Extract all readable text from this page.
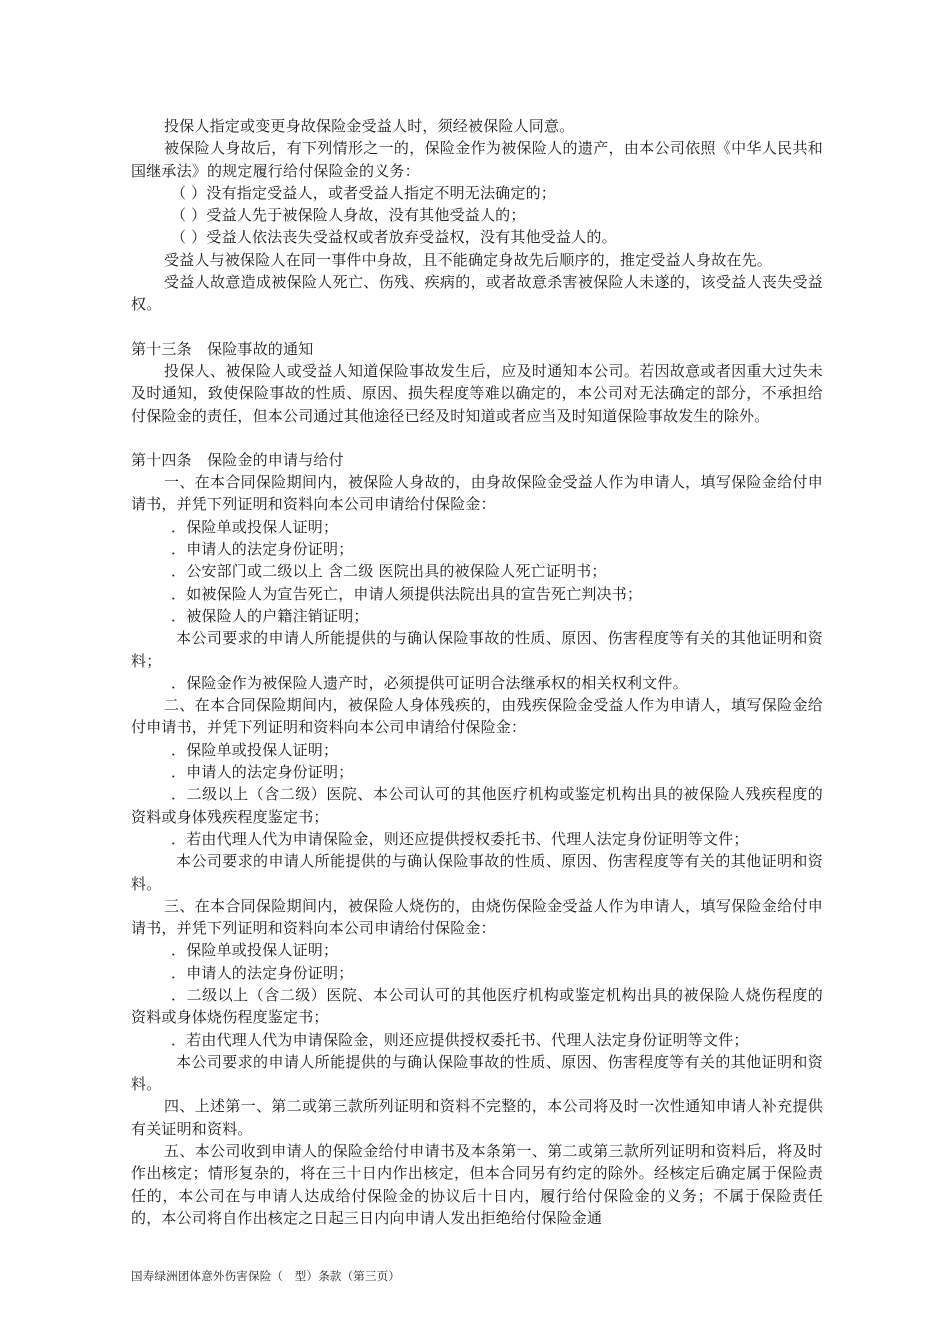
投保人指定或变更身故保险金受益人时，须经被保险人同意。

被保险人身故后，有下列情形之一的，保险金作为被保险人的遗产，由本公司依照《中华人民共和国继承法》的规定履行给付保险金的义务：

（ ）没有指定受益人，或者受益人指定不明无法确定的；

（ ）受益人先于被保险人身故，没有其他受益人的；

（ ）受益人依法丧失受益权或者放弃受益权，没有其他受益人的。

受益人与被保险人在同一事件中身故，且不能确定身故先后顺序的，推定受益人身故在先。

受益人故意造成被保险人死亡、伤残、疾病的，或者故意杀害被保险人未遂的，该受益人丧失受益权。

第十三条　保险事故的通知

投保人、被保险人或受益人知道保险事故发生后，应及时通知本公司。若因故意或者因重大过失未及时通知，致使保险事故的性质、原因、损失程度等难以确定的，本公司对无法确定的部分，不承担给付保险金的责任，但本公司通过其他途径已经及时知道或者应当及时知道保险事故发生的除外。

第十四条　保险金的申请与给付

一、在本合同保险期间内，被保险人身故的，由身故保险金受益人作为申请人，填写保险金给付申请书，并凭下列证明和资料向本公司申请给付保险金：

．保险单或投保人证明；

．申请人的法定身份证明；

．公安部门或二级以上 含二级 医院出具的被保险人死亡证明书；

．如被保险人为宣告死亡，申请人须提供法院出具的宣告死亡判决书；

．被保险人的户籍注销证明；

本公司要求的申请人所能提供的与确认保险事故的性质、原因、伤害程度等有关的其他证明和资料；

．保险金作为被保险人遗产时，必须提供可证明合法继承权的相关权利文件。

二、在本合同保险期间内，被保险人身体残疾的，由残疾保险金受益人作为申请人，填写保险金给付申请书，并凭下列证明和资料向本公司申请给付保险金：

．保险单或投保人证明；

．申请人的法定身份证明；

．二级以上（含二级）医院、本公司认可的其他医疗机构或鉴定机构出具的被保险人残疾程度的资料或身体残疾程度鉴定书；

．若由代理人代为申请保险金，则还应提供授权委托书、代理人法定身份证明等文件；

本公司要求的申请人所能提供的与确认保险事故的性质、原因、伤害程度等有关的其他证明和资料。

三、在本合同保险期间内，被保险人烧伤的，由烧伤保险金受益人作为申请人，填写保险金给付申请书，并凭下列证明和资料向本公司申请给付保险金：

．保险单或投保人证明；

．申请人的法定身份证明；

．二级以上（含二级）医院、本公司认可的其他医疗机构或鉴定机构出具的被保险人烧伤程度的资料或身体烧伤程度鉴定书；

．若由代理人代为申请保险金，则还应提供授权委托书、代理人法定身份证明等文件；

本公司要求的申请人所能提供的与确认保险事故的性质、原因、伤害程度等有关的其他证明和资料。

四、上述第一、第二或第三款所列证明和资料不完整的，本公司将及时一次性通知申请人补充提供有关证明和资料。

五、本公司收到申请人的保险金给付申请书及本条第一、第二或第三款所列证明和资料后，将及时作出核定；情形复杂的，将在三十日内作出核定，但本合同另有约定的除外。经核定后确定属于保险责任的，本公司在与申请人达成给付保险金的协议后十日内，履行给付保险金的义务；不属于保险责任的，本公司将自作出核定之日起三日内向申请人发出拒绝给付保险金通

国寿绿洲团体意外伤害保险（　型）条款（第三页）
